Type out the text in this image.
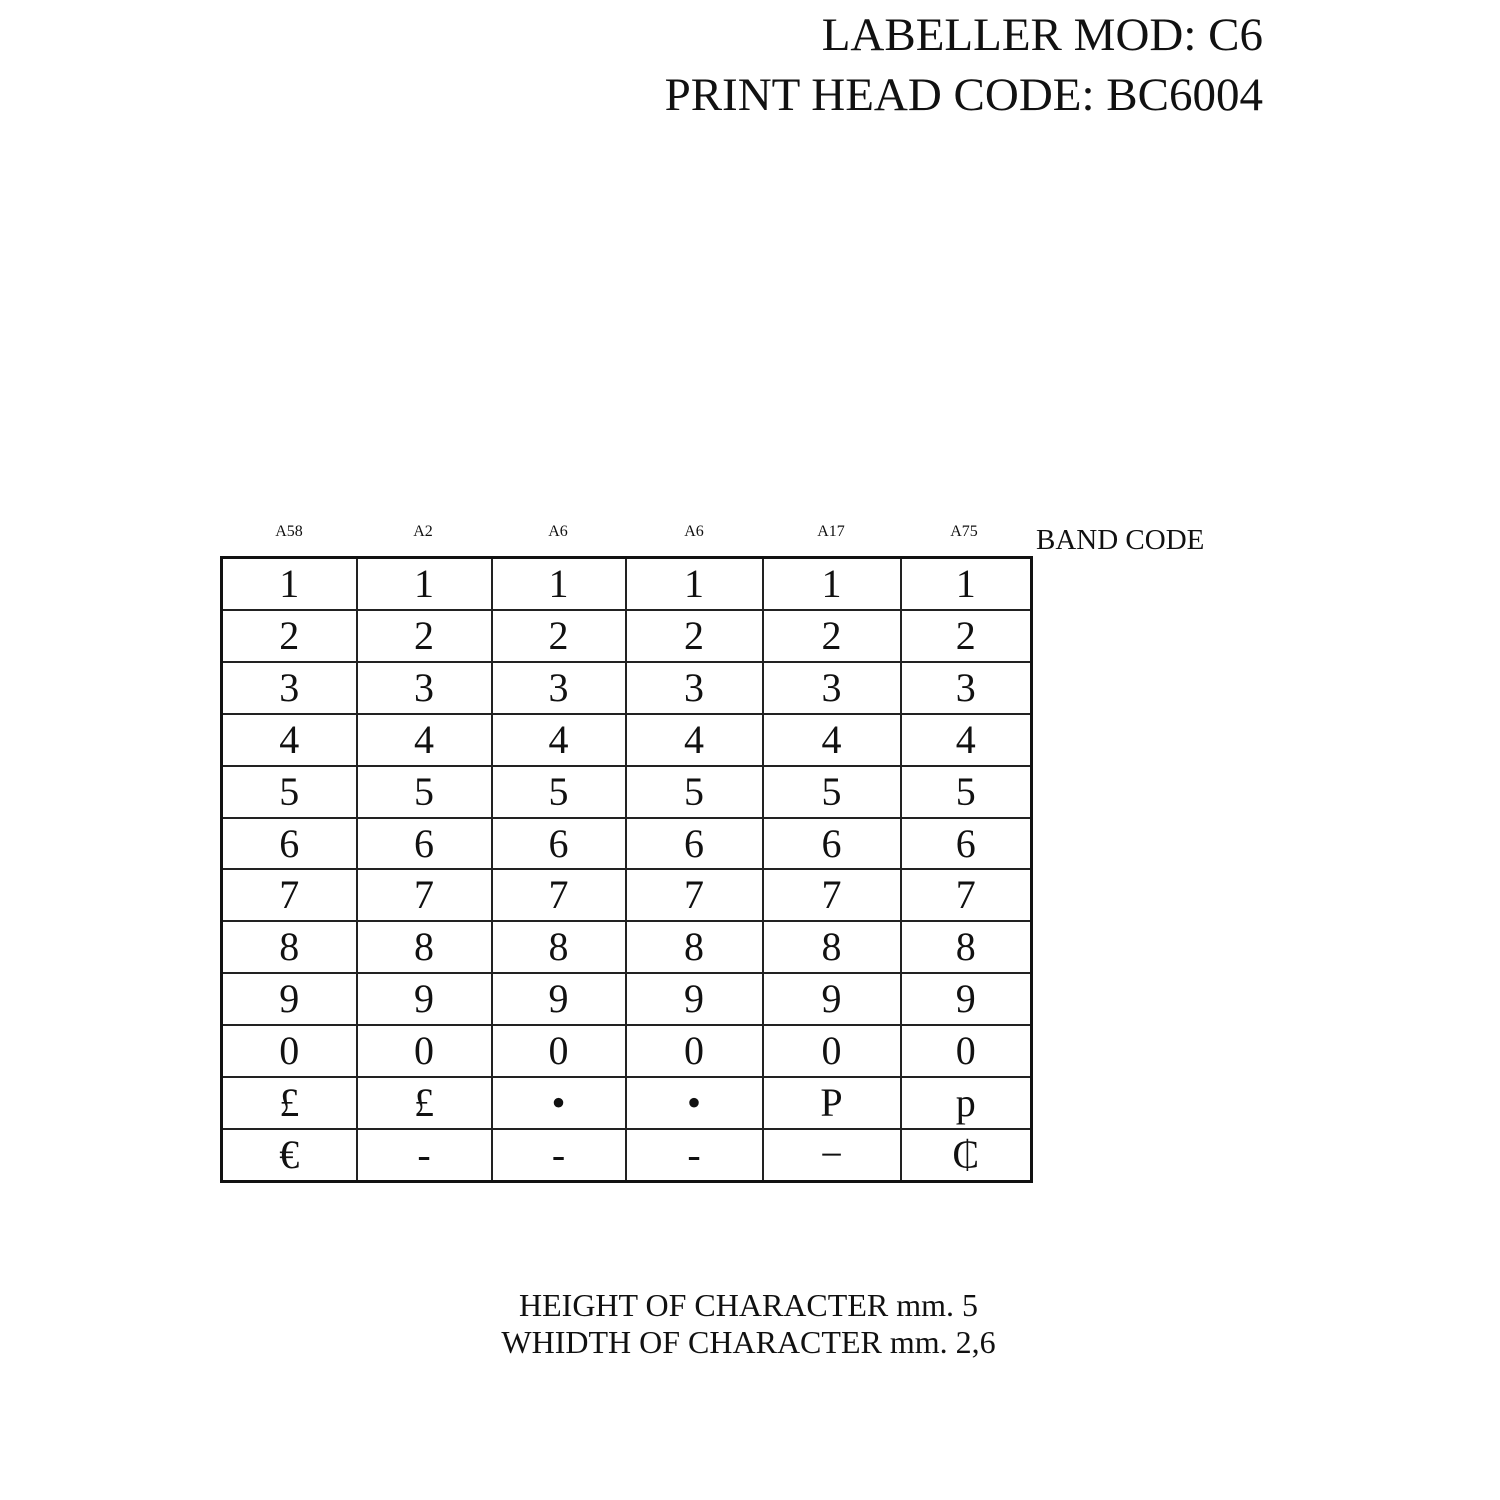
LABELLER MOD: C6
PRINT HEAD CODE: BC6004
A58	A2	A6	A6	A17	A75	BAND CODE
1	1	1	1	1	1
2	2	2	2	2	2
3	3	3	3	3	3
4	4	4	4	4	4
5	5	5	5	5	5
6	6	6	6	6	6
7	7	7	7	7	7
8	8	8	8	8	8
9	9	9	9	9	9
0	0	0	0	0	0
£	£	•	•	P	p
€	-	-	-	−	₵
HEIGHT OF CHARACTER mm. 5
WHIDTH OF CHARACTER mm. 2,6
